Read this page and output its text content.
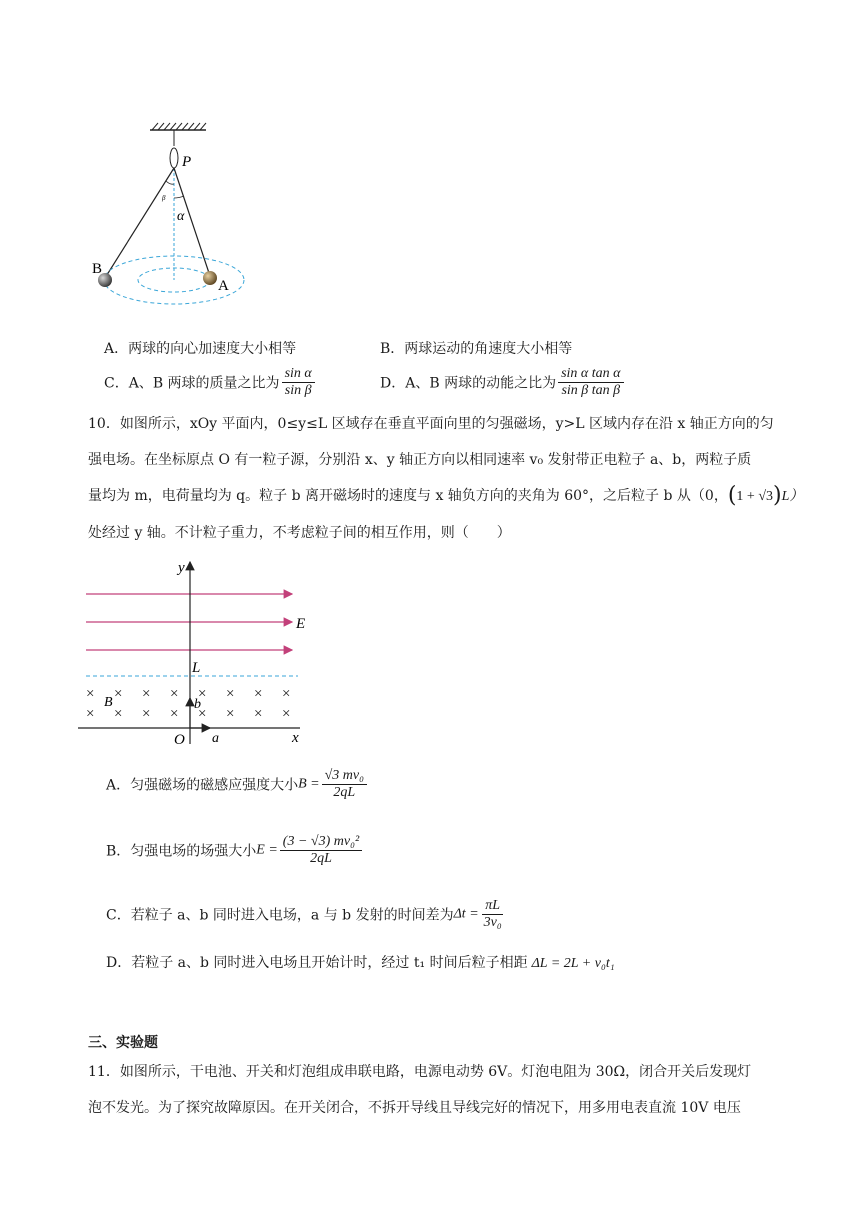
P
β
α
B
A
A．两球的向心加速度大小相等	B．两球运动的角速度大小相等
C．A、B 两球的质量之比为 $\frac{\text{sin α}}{\text{sin β}}$	D．A、B 两球的动能之比为 $\frac{\text{sin α tan α}}{\text{sin β tan β}}$
10．如图所示，xOy 平面内，0≤y≤L 区域存在垂直平面向里的匀强磁场，y>L 区域内存在沿 x 轴正方向的匀
强电场。在坐标原点 O 有一粒子源，分别沿 x、y 轴正方向以相同速率 v₀ 发射带正电粒子 a、b，两粒子质
量均为 m，电荷量均为 q。粒子 b 离开磁场时的速度与 x 轴负方向的夹角为 60°，之后粒子 b 从（0，(1 + √3)L）
处经过 y 轴。不计粒子重力，不考虑粒子间的相互作用，则（　　）
E
L
× × × × × × × ×
× × × × × × × ×
B
y
x
O
b
a
A．匀强磁场的磁感应强度大小$B = \frac{\text{√3 mv₀}}{2qL}$
B．匀强电场的场强大小$E = \frac{\text{(3 − √3) mv₀²}}{2qL}$
C．若粒子 a、b 同时进入电场，a 与 b 发射的时间差为$\Delta t = \frac{\pi L}{\text{3v₀}}$
D．若粒子 a、b 同时进入电场且开始计时，经过 t₁ 时间后粒子相距 ΔL = 2L + v₀t₁
三、实验题
11．如图所示，干电池、开关和灯泡组成串联电路，电源电动势 6V。灯泡电阻为 30Ω，闭合开关后发现灯
泡不发光。为了探究故障原因。在开关闭合，不拆开导线且导线完好的情况下，用多用电表直流 10V 电压
